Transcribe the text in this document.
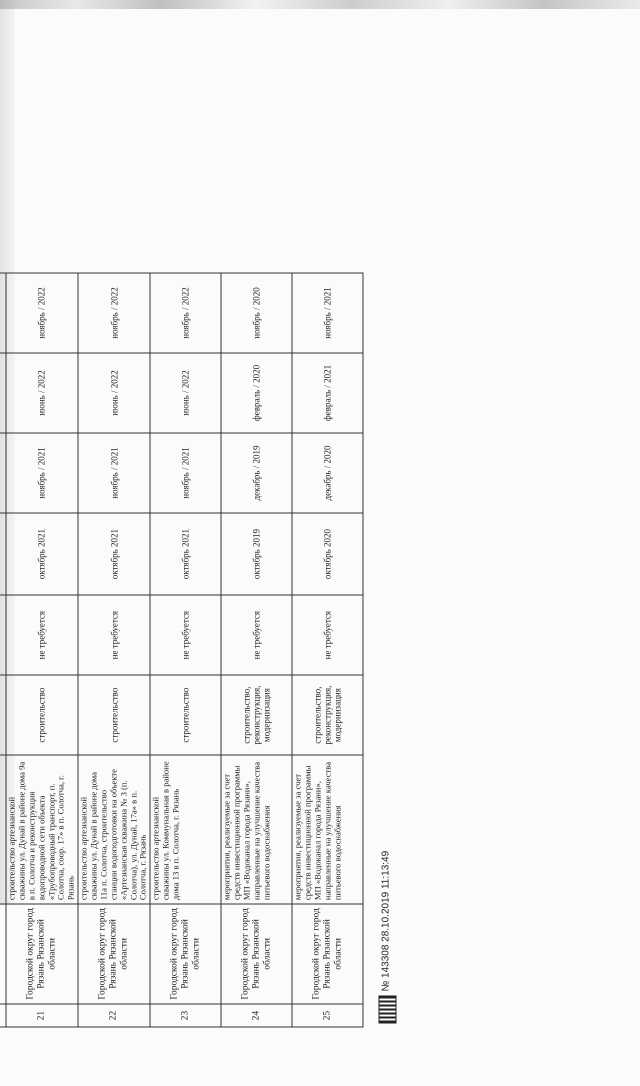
21	Городской округ город Рязань Рязанской области	строительство артезианской скважины ул. Дунай в районе дома 9а в п. Солотча и реконструкция водопроводной сети объекта «Трубопроводный транспорт, п. Солотча, соор. 17» в п. Солотча, г. Рязань	строительство	не требуется	октябрь 2021	ноябрь / 2021	июнь / 2022	ноябрь / 2022
22	Городской округ город Рязань Рязанской области	строительство артезианской скважины ул. Дунай в районе дома 11а п. Солотча, строительство станции водоподготовки на объекте «Артезианская скважина № 3 (п. Солотча), ул. Дунай, 17а» в п. Солотча, г. Рязань	строительство	не требуется	октябрь 2021	ноябрь / 2021	июнь / 2022	ноябрь / 2022
23	Городской округ город Рязань Рязанской области	строительство артезианской скважины ул. Коммунальная в районе дома 13 в п. Солотча, г. Рязань	строительство	не требуется	октябрь 2021	ноябрь / 2021	июнь / 2022	ноябрь / 2022
24	Городской округ город Рязань Рязанской области	мероприятия, реализуемые за счет средств инвестиционной программы МП «Водоканал города Рязани», направленные на улучшение качества питьевого водоснабжения	строительство, реконструкция, модернизация	не требуется	октябрь 2019	декабрь / 2019	февраль / 2020	ноябрь / 2020
25	Городской округ город Рязань Рязанской области	мероприятия, реализуемые за счет средств инвестиционной программы МП «Водоканал города Рязани», направленные на улучшение качества питьевого водоснабжения	строительство, реконструкция, модернизация	не требуется	октябрь 2020	декабрь / 2020	февраль / 2021	ноябрь / 2021
№ 143308 28.10.2019 11:13:49
